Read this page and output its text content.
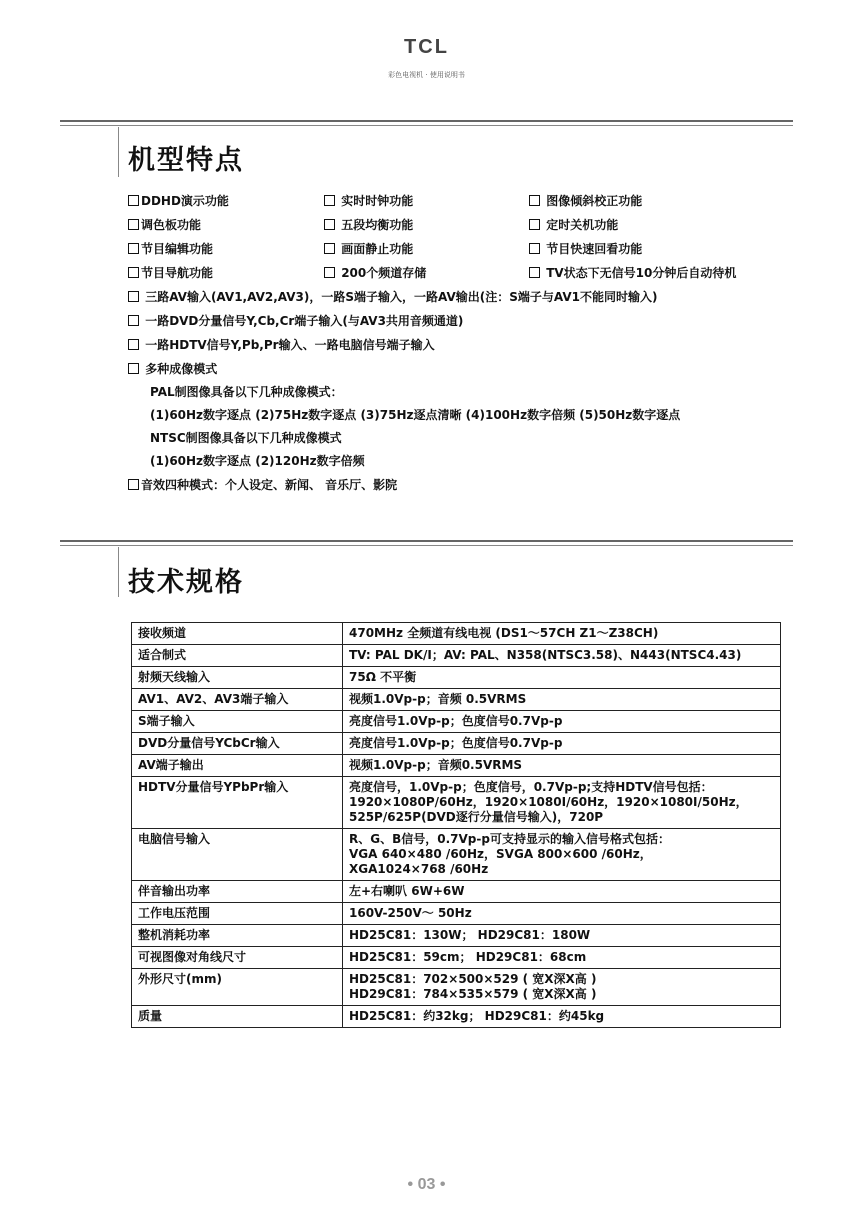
TCL
彩色电视机 · 使用说明书
机型特点
DDHD演示功能	实时时钟功能	图像倾斜校正功能
调色板功能	五段均衡功能	定时关机功能
节目编辑功能	画面静止功能	节目快速回看功能
节目导航功能	200个频道存储	TV状态下无信号10分钟后自动待机
三路AV输入(AV1,AV2,AV3)，一路S端子输入，一路AV输出(注：S端子与AV1不能同时输入)
一路DVD分量信号Y,Cb,Cr端子输入(与AV3共用音频通道)
一路HDTV信号Y,Pb,Pr输入、一路电脑信号端子输入
多种成像模式
PAL制图像具备以下几种成像模式：
(1)60Hz数字逐点 (2)75Hz数字逐点 (3)75Hz逐点清晰 (4)100Hz数字倍频 (5)50Hz数字逐点
NTSC制图像具备以下几种成像模式
(1)60Hz数字逐点 (2)120Hz数字倍频
音效四种模式：个人设定、新闻、 音乐厅、影院
技术规格
接收频道	470MHz 全频道有线电视 (DS1～57CH Z1～Z38CH)
适合制式	TV: PAL DK/I；AV: PAL、N358(NTSC3.58)、N443(NTSC4.43)
射频天线输入	75Ω 不平衡
AV1、AV2、AV3端子输入	视频1.0Vp-p；音频 0.5VRMS
S端子输入	亮度信号1.0Vp-p；色度信号0.7Vp-p
DVD分量信号YCbCr输入	亮度信号1.0Vp-p；色度信号0.7Vp-p
AV端子输出	视频1.0Vp-p；音频0.5VRMS
HDTV分量信号YPbPr输入	亮度信号，1.0Vp-p；色度信号，0.7Vp-p;支持HDTV信号包括：
1920×1080P/60Hz，1920×1080I/60Hz，1920×1080I/50Hz，
525P/625P(DVD逐行分量信号输入)，720P
电脑信号输入	R、G、B信号，0.7Vp-p可支持显示的输入信号格式包括：
VGA 640×480 /60Hz，SVGA 800×600 /60Hz，
XGA1024×768 /60Hz
伴音输出功率	左+右喇叭 6W+6W
工作电压范围	160V-250V～ 50Hz
整机消耗功率	HD25C81：130W； HD29C81：180W
可视图像对角线尺寸	HD25C81：59cm； HD29C81：68cm
外形尺寸(mm)	HD25C81：702×500×529 ( 宽X深X高 )
HD29C81：784×535×579 ( 宽X深X高 )
质量	HD25C81：约32kg； HD29C81：约45kg
• 03 •
